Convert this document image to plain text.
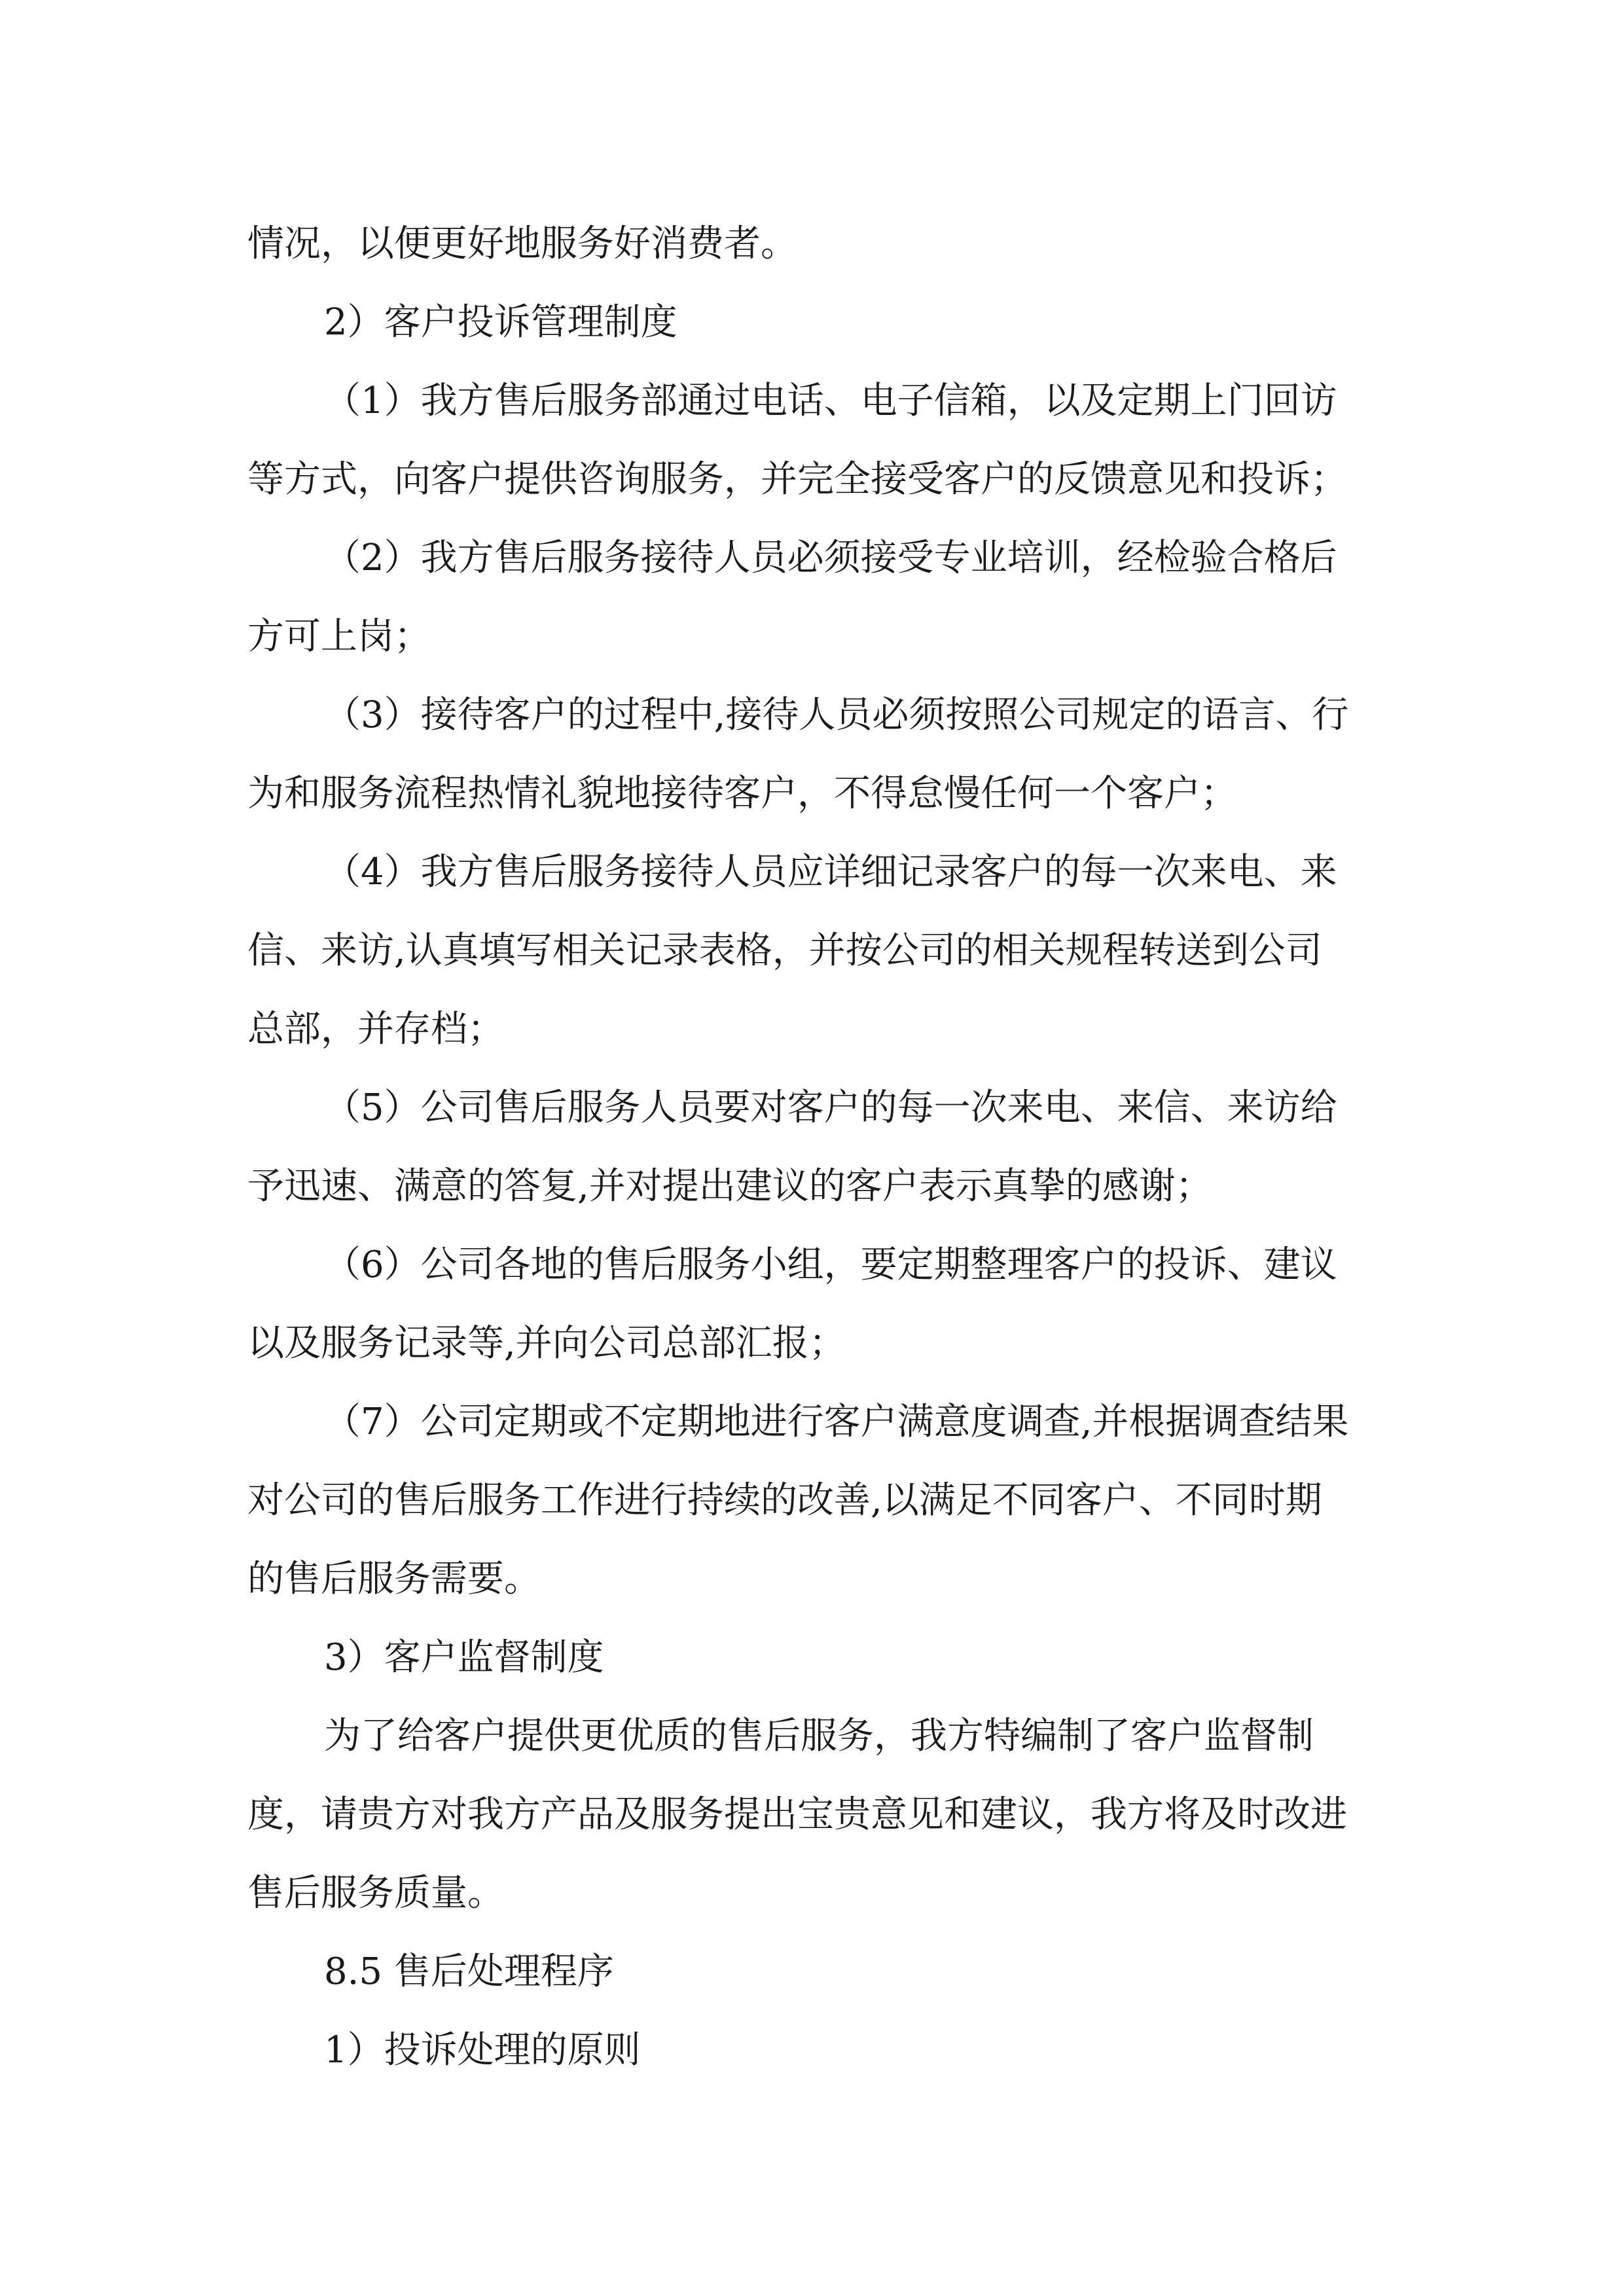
情况，以便更好地服务好消费者。
2）客户投诉管理制度
（1）我方售后服务部通过电话、电子信箱，以及定期上门回访
等方式，向客户提供咨询服务，并完全接受客户的反馈意见和投诉；
（2）我方售后服务接待人员必须接受专业培训，经检验合格后
方可上岗；
（3）接待客户的过程中,接待人员必须按照公司规定的语言、行
为和服务流程热情礼貌地接待客户，不得怠慢任何一个客户；
（4）我方售后服务接待人员应详细记录客户的每一次来电、来
信、来访,认真填写相关记录表格，并按公司的相关规程转送到公司
总部，并存档；
（5）公司售后服务人员要对客户的每一次来电、来信、来访给
予迅速、满意的答复,并对提出建议的客户表示真挚的感谢；
（6）公司各地的售后服务小组，要定期整理客户的投诉、建议
以及服务记录等,并向公司总部汇报；
（7）公司定期或不定期地进行客户满意度调查,并根据调查结果
对公司的售后服务工作进行持续的改善,以满足不同客户、不同时期
的售后服务需要。
3）客户监督制度
为了给客户提供更优质的售后服务，我方特编制了客户监督制
度，请贵方对我方产品及服务提出宝贵意见和建议，我方将及时改进
售后服务质量。
8.5 售后处理程序
1）投诉处理的原则
